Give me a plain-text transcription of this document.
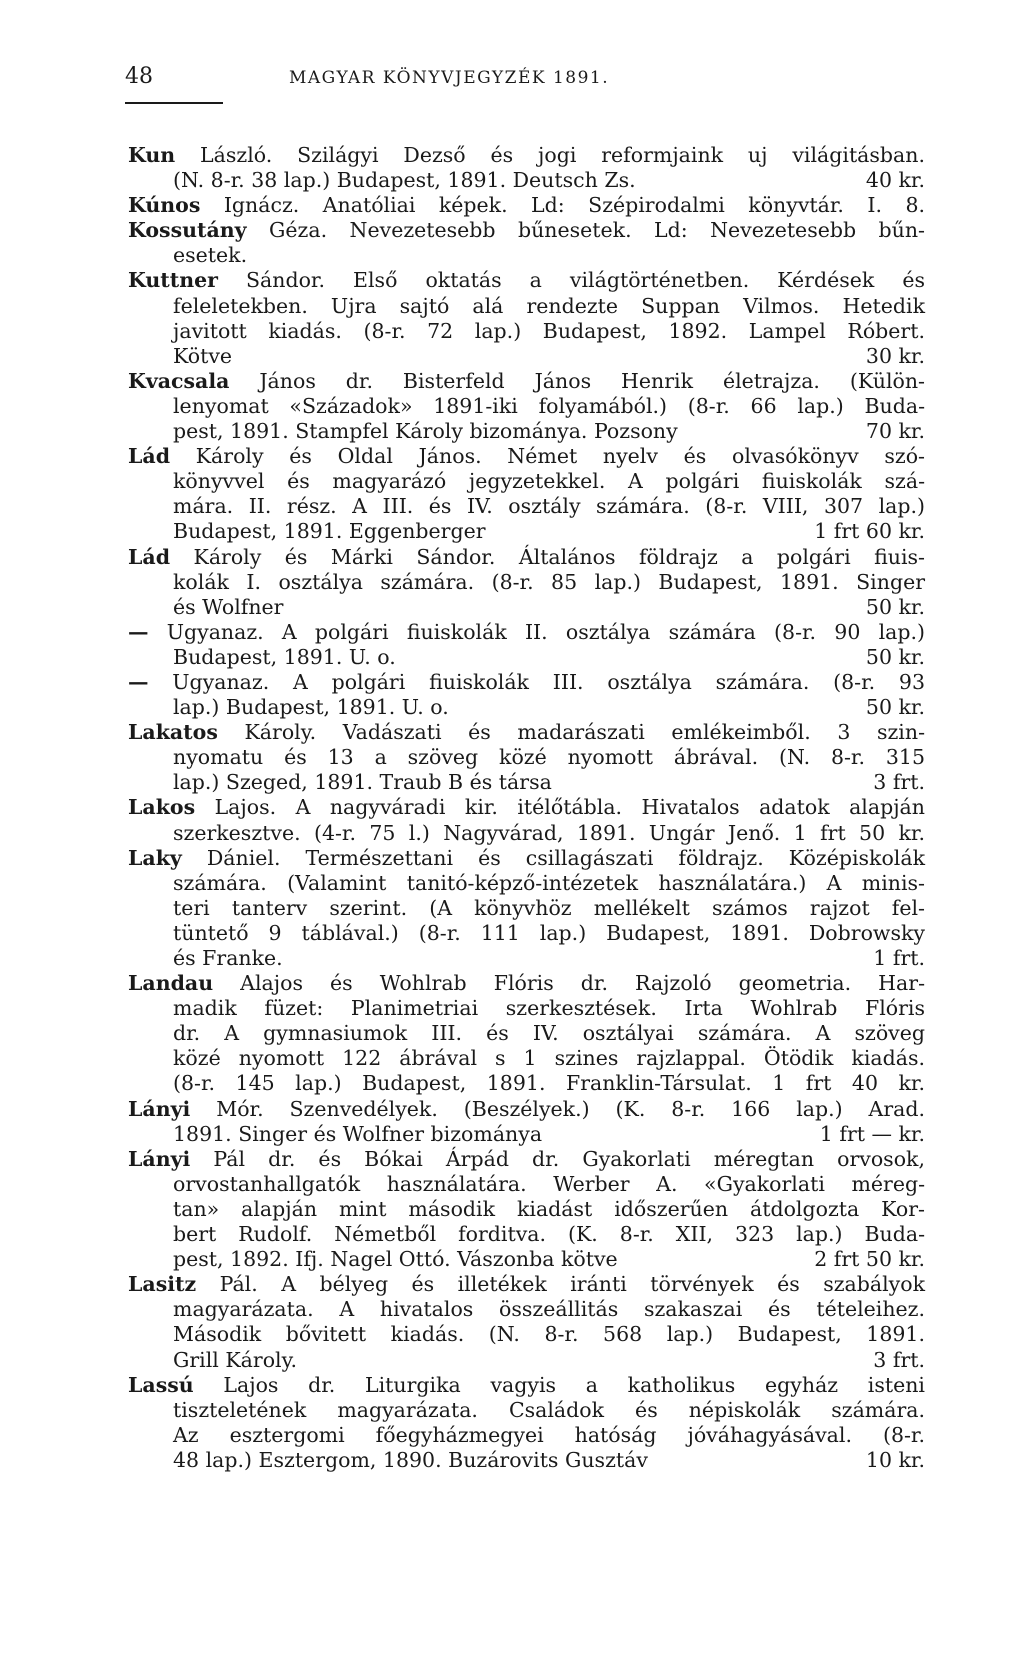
48	MAGYAR KÖNYVJEGYZÉK 1891.
Kun László. Szilágyi Dezső és jogi reformjaink uj világitásban.
(N. 8-r. 38 lap.) Budapest, 1891. Deutsch Zs.	40 kr.
Kúnos Ignácz. Anatóliai képek. Ld: Szépirodalmi könyvtár. I. 8.
Kossutány Géza. Nevezetesebb bűnesetek. Ld: Nevezetesebb bűn-
esetek.
Kuttner Sándor. Első oktatás a világtörténetben. Kérdések és
feleletekben. Ujra sajtó alá rendezte Suppan Vilmos. Hetedik
javitott kiadás. (8-r. 72 lap.) Budapest, 1892. Lampel Róbert.
Kötve	30 kr.
Kvacsala János dr. Bisterfeld János Henrik életrajza. (Külön-
lenyomat «Századok» 1891-iki folyamából.) (8-r. 66 lap.) Buda-
pest, 1891. Stampfel Károly bizománya. Pozsony	70 kr.
Lád Károly és Oldal János. Német nyelv és olvasókönyv szó-
könyvvel és magyarázó jegyzetekkel. A polgári fiuiskolák szá-
mára. II. rész. A III. és IV. osztály számára. (8-r. VIII, 307 lap.)
Budapest, 1891. Eggenberger	1 frt 60 kr.
Lád Károly és Márki Sándor. Általános földrajz a polgári fiuis-
kolák I. osztálya számára. (8-r. 85 lap.) Budapest, 1891. Singer
és Wolfner	50 kr.
— Ugyanaz. A polgári fiuiskolák II. osztálya számára (8-r. 90 lap.)
Budapest, 1891. U. o.	50 kr.
— Ugyanaz. A polgári fiuiskolák III. osztálya számára. (8-r. 93
lap.) Budapest, 1891. U. o.	50 kr.
Lakatos Károly. Vadászati és madarászati emlékeimből. 3 szin-
nyomatu és 13 a szöveg közé nyomott ábrával. (N. 8-r. 315
lap.) Szeged, 1891. Traub B és társa	3 frt.
Lakos Lajos. A nagyváradi kir. itélőtábla. Hivatalos adatok alapján
szerkesztve. (4-r. 75 l.) Nagyvárad, 1891. Ungár Jenő. 1 frt 50 kr.
Laky Dániel. Természettani és csillagászati földrajz. Középiskolák
számára. (Valamint tanitó-képző-intézetek használatára.) A minis-
teri tanterv szerint. (A könyvhöz mellékelt számos rajzot fel-
tüntető 9 táblával.) (8-r. 111 lap.) Budapest, 1891. Dobrowsky
és Franke.	1 frt.
Landau Alajos és Wohlrab Flóris dr. Rajzoló geometria. Har-
madik füzet: Planimetriai szerkesztések. Irta Wohlrab Flóris
dr. A gymnasiumok III. és IV. osztályai számára. A szöveg
közé nyomott 122 ábrával s 1 szines rajzlappal. Ötödik kiadás.
(8-r. 145 lap.) Budapest, 1891. Franklin-Társulat. 1 frt 40 kr.
Lányi Mór. Szenvedélyek. (Beszélyek.) (K. 8-r. 166 lap.) Arad.
1891. Singer és Wolfner bizománya	1 frt — kr.
Lányi Pál dr. és Bókai Árpád dr. Gyakorlati méregtan orvosok,
orvostanhallgatók használatára. Werber A. «Gyakorlati méreg-
tan» alapján mint második kiadást időszerűen átdolgozta Kor-
bert Rudolf. Németből forditva. (K. 8-r. XII, 323 lap.) Buda-
pest, 1892. Ifj. Nagel Ottó. Vászonba kötve	2 frt 50 kr.
Lasitz Pál. A bélyeg és illetékek iránti törvények és szabályok
magyarázata. A hivatalos összeállitás szakaszai és tételeihez.
Második bővitett kiadás. (N. 8-r. 568 lap.) Budapest, 1891.
Grill Károly.	3 frt.
Lassú Lajos dr. Liturgika vagyis a katholikus egyház isteni
tiszteletének magyarázata. Családok és népiskolák számára.
Az esztergomi főegyházmegyei hatóság jóváhagyásával. (8-r.
48 lap.) Esztergom, 1890. Buzárovits Gusztáv	10 kr.
